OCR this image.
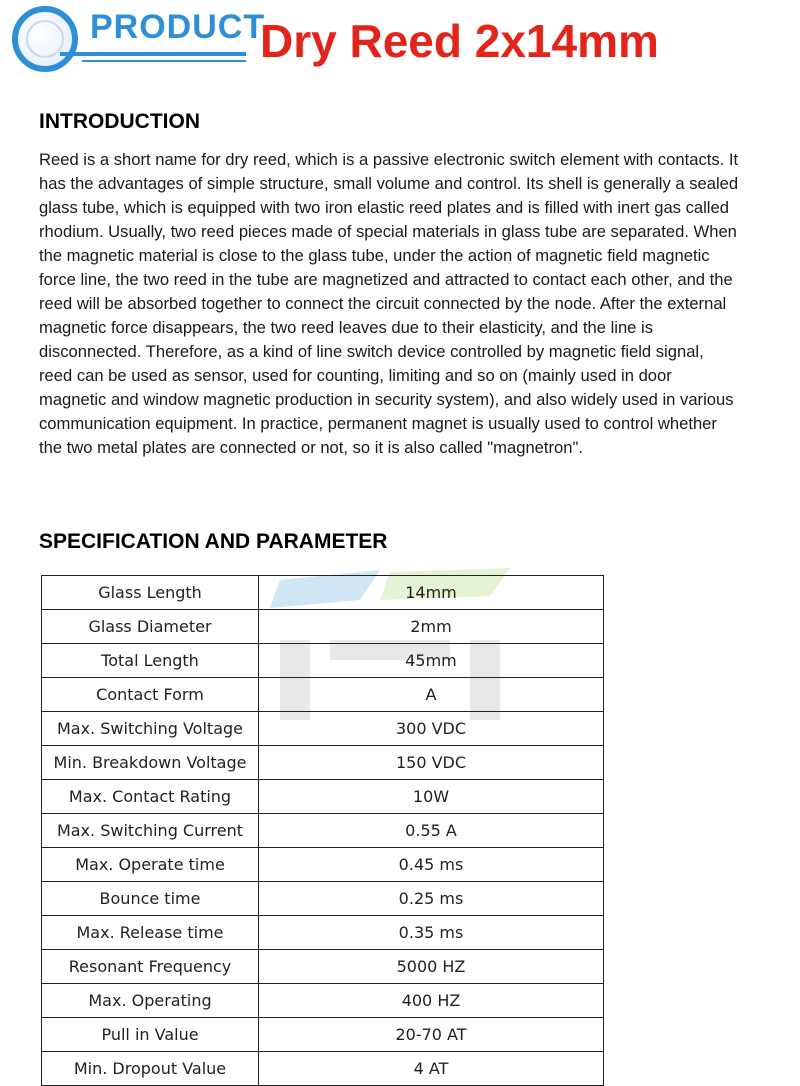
PRODUCT
Dry Reed 2x14mm
INTRODUCTION
Reed is a short name for dry reed, which is a passive electronic switch element with contacts. It has the advantages of simple structure, small volume and control. Its shell is generally a sealed glass tube, which is equipped with two iron elastic reed plates and is filled with inert gas called rhodium. Usually, two reed pieces made of special materials in glass tube are separated. When the magnetic material is close to the glass tube, under the action of magnetic field magnetic force line, the two reed in the tube are magnetized and attracted to contact each other, and the reed will be absorbed together to connect the circuit connected by the node. After the external magnetic force disappears, the two reed leaves due to their elasticity, and the line is disconnected. Therefore, as a kind of line switch device controlled by magnetic field signal, reed can be used as sensor, used for counting, limiting and so on (mainly used in door magnetic and window magnetic production in security system), and also widely used in various communication equipment. In practice, permanent magnet is usually used to control whether the two metal plates are connected or not, so it is also called "magnetron".
SPECIFICATION AND PARAMETER
Glass Length	14mm
Glass Diameter	2mm
Total Length	45mm
Contact Form	A
Max. Switching Voltage	300 VDC
Min. Breakdown Voltage	150 VDC
Max. Contact Rating	10W
Max. Switching Current	0.55 A
Max. Operate time	0.45 ms
Bounce time	0.25 ms
Max. Release time	0.35 ms
Resonant Frequency	5000 HZ
Max. Operating	400 HZ
Pull in Value	20-70 AT
Min. Dropout Value	4 AT
